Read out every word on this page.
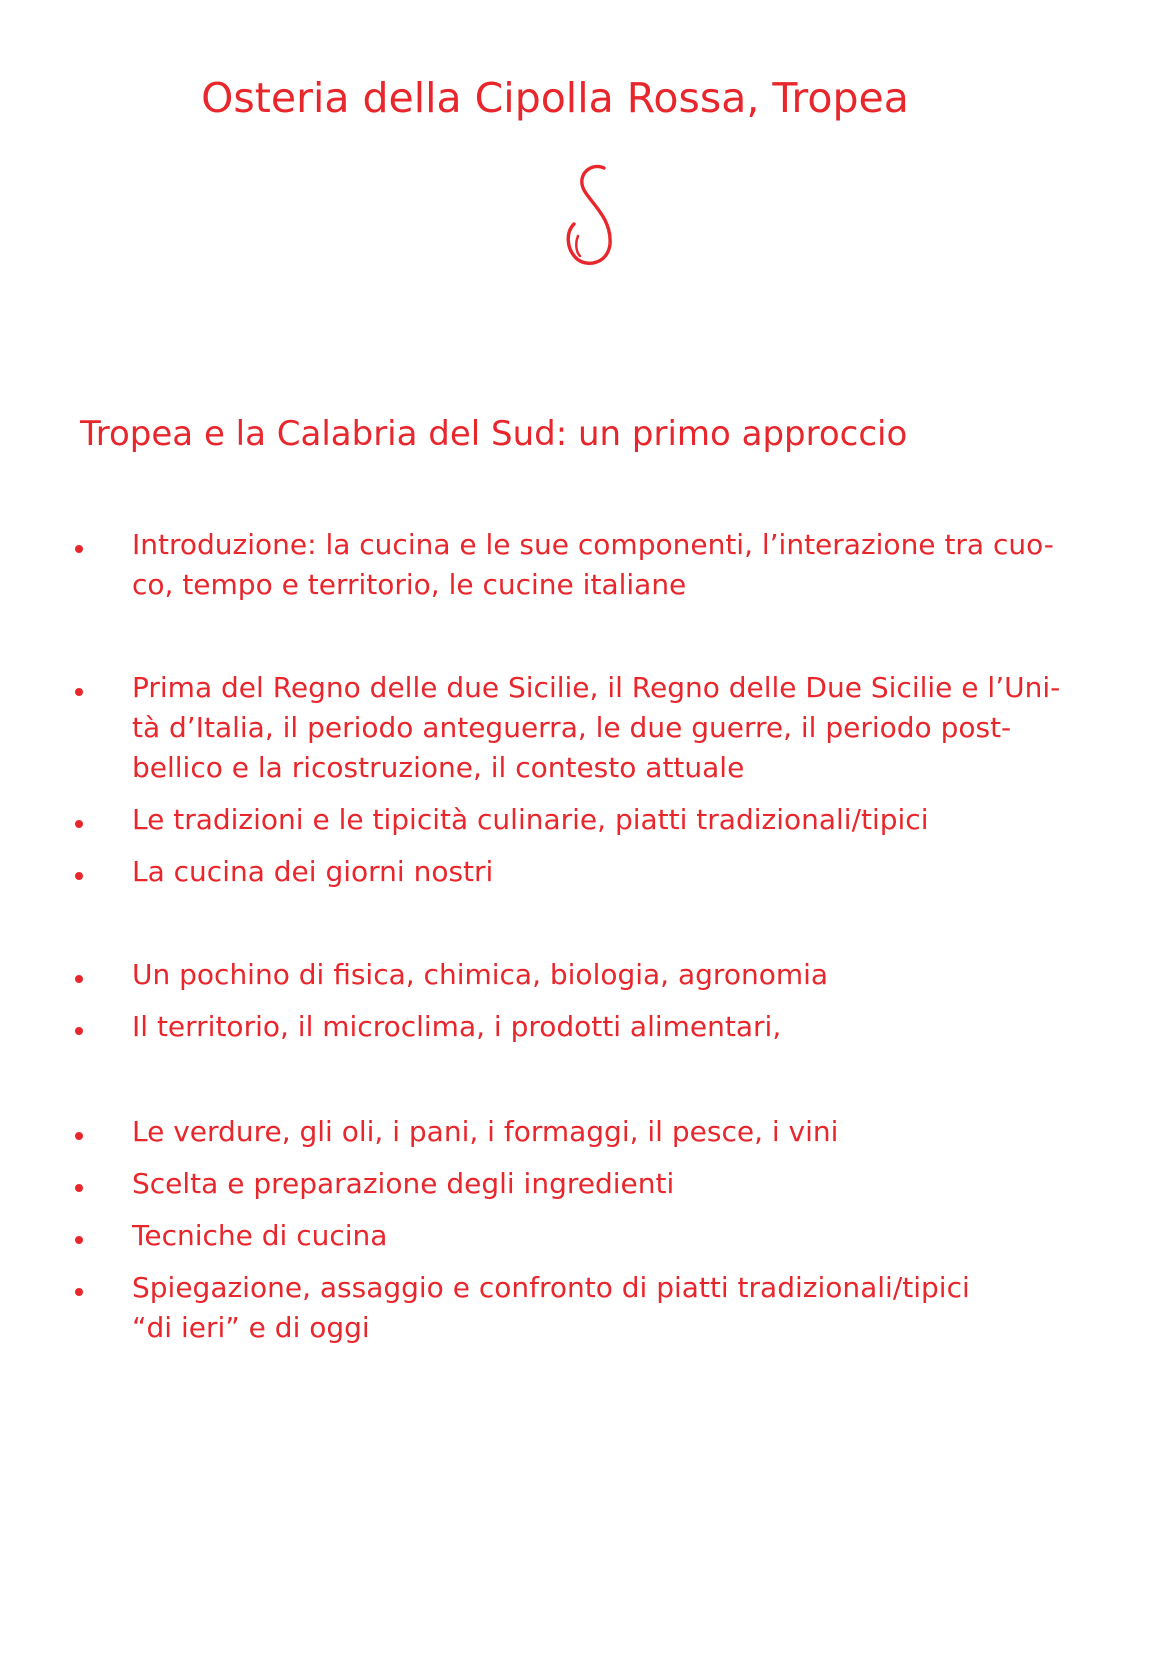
Osteria della Cipolla Rossa, Tropea
Tropea e la Calabria del Sud: un primo approccio

Introduzione: la cucina e le sue componenti, l’interazione tra cuo-
co, tempo e territorio, le cucine italiane

Prima del Regno delle due Sicilie, il Regno delle Due Sicilie e l’Uni-
tà d’Italia, il periodo anteguerra, le due guerre, il periodo post-
bellico e la ricostruzione, il contesto attuale

Le tradizioni e le tipicità culinarie, piatti tradizionali/tipici

La cucina dei giorni nostri

Un pochino di fisica, chimica, biologia, agronomia

Il territorio, il microclima, i prodotti alimentari,

Le verdure, gli oli, i pani, i formaggi, il pesce, i vini

Scelta e preparazione degli ingredienti

Tecniche di cucina

Spiegazione, assaggio e confronto di piatti tradizionali/tipici
“di ieri” e di oggi
